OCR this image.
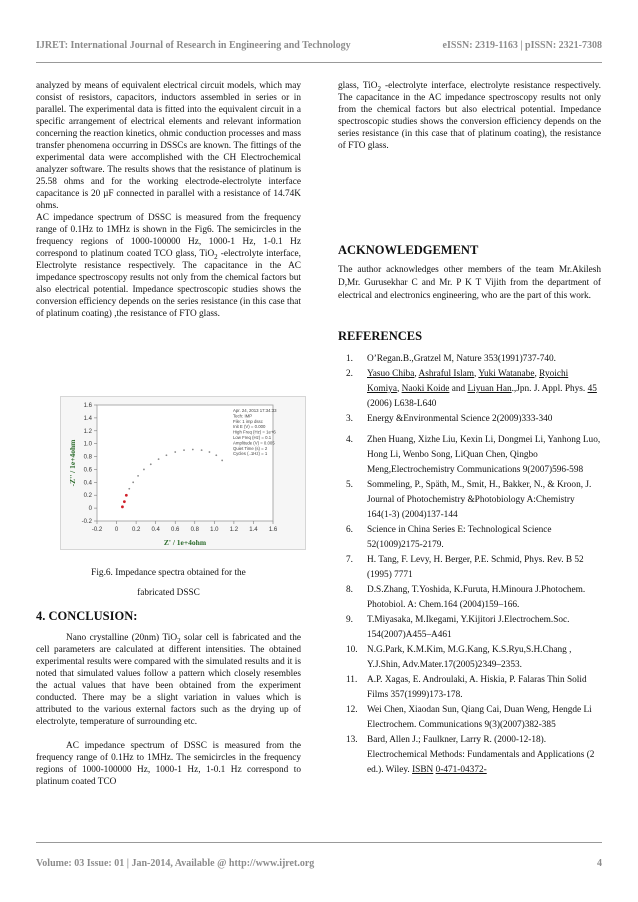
IJRET: International Journal of Research in Engineering and Technology	eISSN: 2319-1163 | pISSN: 2321-7308

analyzed by means of equivalent electrical circuit models, which may consist of resistors, capacitors, inductors assembled in series or in parallel. The experimental data is fitted into the equivalent circuit in a specific arrangement of electrical elements and relevant information concerning the reaction kinetics, ohmic conduction processes and mass transfer phenomena occurring in DSSCs are known. The fittings of the experimental data were accomplished with the CH Electrochemical analyzer software. The results shows that the resistance of platinum is 25.58 ohms and for the working electrode-electrolyte interface capacitance is 20 µF connected in parallel with a resistance of 14.74K ohms.

AC impedance spectrum of DSSC is measured from the frequency range of 0.1Hz to 1MHz is shown in the Fig6. The semicircles in the frequency regions of 1000-100000 Hz, 1000-1 Hz, 1-0.1 Hz correspond to platinum coated TCO glass, TiO$_2$ -electrolyte interface, Electrolyte resistance respectively. The capacitance in the AC impedance spectroscopy results not only from the chemical factors but also electrical potential. Impedance spectroscopic studies shows the conversion efficiency depends on the series resistance (in this case that of platinum coating) ,the resistance of FTO glass.

-0.2 0 0.2 0.4 0.6 0.8 1.0 1.2 1.4 1.6
-0.2
0
0.2
0.4
0.6
0.8
1.0
1.2
1.4
1.6
Z' / 1e+4ohm
-Z'' / 1e+4ohm
Apr. 24, 2013 17:34:33
Tech: IMP
File: 1 imp dssc
Init E (V) = 0.000
High Freq (Hz) = 1e+6
Low Freq (Hz) = 0.1
Amplitude (V) = 0.005
Quiet Time (s) = 2
Cycles (..1Hz) = 1
Fig.6. Impedance spectra obtained for the
fabricated DSSC

4. CONCLUSION:

Nano crystalline (20nm) TiO$_2$ solar cell is fabricated and the cell parameters are calculated at different intensities. The obtained experimental results were compared with the simulated results and it is noted that simulated values follow a pattern which closely resembles the actual values that have been obtained from the experiment conducted. There may be a slight variation in values which is attributed to the various external factors such as the drying up of electrolyte, temperature of surrounding etc.

AC impedance spectrum of DSSC is measured from the frequency range of 0.1Hz to 1MHz. The semicircles in the frequency regions of 1000-100000 Hz, 1000-1 Hz, 1-0.1 Hz correspond to platinum coated TCO

glass, TiO$_2$ -electrolyte interface, electrolyte resistance respectively. The capacitance in the AC impedance spectroscopy results not only from the chemical factors but also electrical potential. Impedance spectroscopic studies shows the conversion efficiency depends on the series resistance (in this case that of platinum coating), the resistance of FTO glass.

ACKNOWLEDGEMENT

The author acknowledges other members of the team Mr.Akilesh D,Mr. Gurusekhar C and Mr. P K T Vijith from the department of electrical and electronics engineering, who are the part of this work.

REFERENCES

1. O’Regan.B.,Gratzel M, Nature 353(1991)737-740.
2. Yasuo Chiba, Ashraful Islam, Yuki Watanabe, Ryoichi Komiya, Naoki Koide and Liyuan Han.,Jpn. J. Appl. Phys. 45 (2006) L638-L640
3. Energy &Environmental Science 2(2009)333-340
4. Zhen Huang, Xizhe Liu, Kexin Li, Dongmei Li, Yanhong Luo, Hong Li, Wenbo Song, LiQuan Chen, Qingbo Meng,Electrochemistry Communications 9(2007)596-598
5. Sommeling, P., Späth, M., Smit, H., Bakker, N., & Kroon, J. Journal of Photochemistry &Photobiology A:Chemistry 164(1-3) (2004)137-144
6. Science in China Series E: Technological Science 52(1009)2175-2179.
7. H. Tang, F. Levy, H. Berger, P.E. Schmid, Phys. Rev. B 52 (1995) 7771
8. D.S.Zhang, T.Yoshida, K.Furuta, H.Minoura J.Photochem. Photobiol. A: Chem.164 (2004)159–166.
9. T.Miyasaka, M.Ikegami, Y.Kijitori J.Electrochem.Soc. 154(2007)A455–A461
10. N.G.Park, K.M.Kim, M.G.Kang, K.S.Ryu,S.H.Chang , Y.J.Shin, Adv.Mater.17(2005)2349–2353.
11. A.P. Xagas, E. Androulaki, A. Hiskia, P. Falaras Thin Solid Films 357(1999)173-178.
12. Wei Chen, Xiaodan Sun, Qiang Cai, Duan Weng, Hengde Li Electrochem. Communications 9(3)(2007)382-385
13. Bard, Allen J.; Faulkner, Larry R. (2000-12-18). Electrochemical Methods: Fundamentals and Applications (2 ed.). Wiley. ISBN 0-471-04372-
Volume: 03 Issue: 01 | Jan-2014, Available @ http://www.ijret.org	4
